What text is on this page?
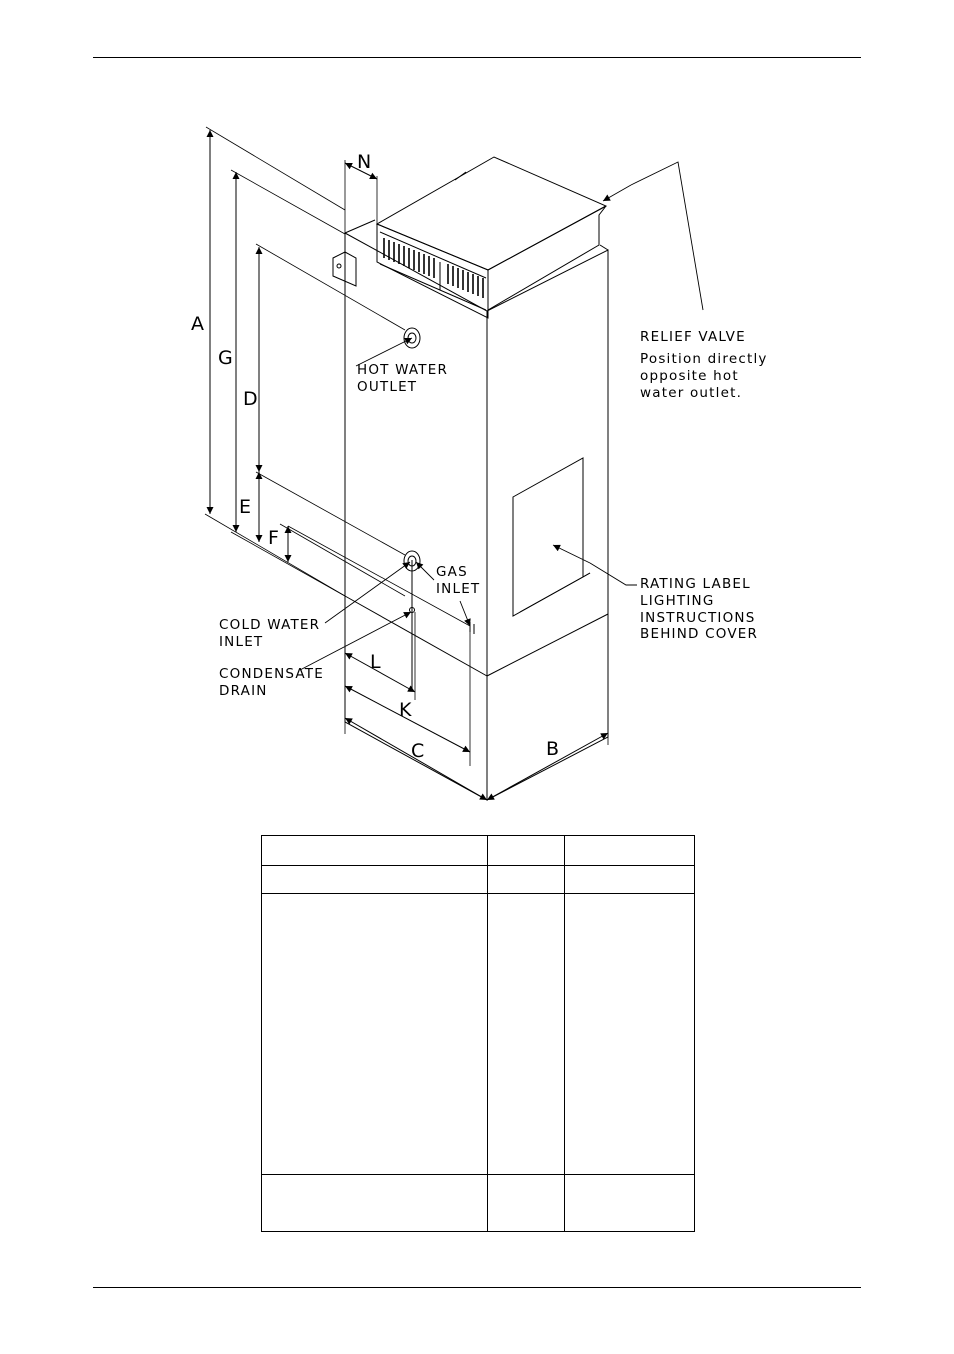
RELIEF VALVE
Position directly
opposite hot
water outlet.
HOT WATER
OUTLET
GAS
INLET
COLD WATER
INLET
CONDENSATE
DRAIN
RATING LABEL
LIGHTING
INSTRUCTIONS
BEHIND COVER
A
G
D
E
F
N
L
K
C	B
